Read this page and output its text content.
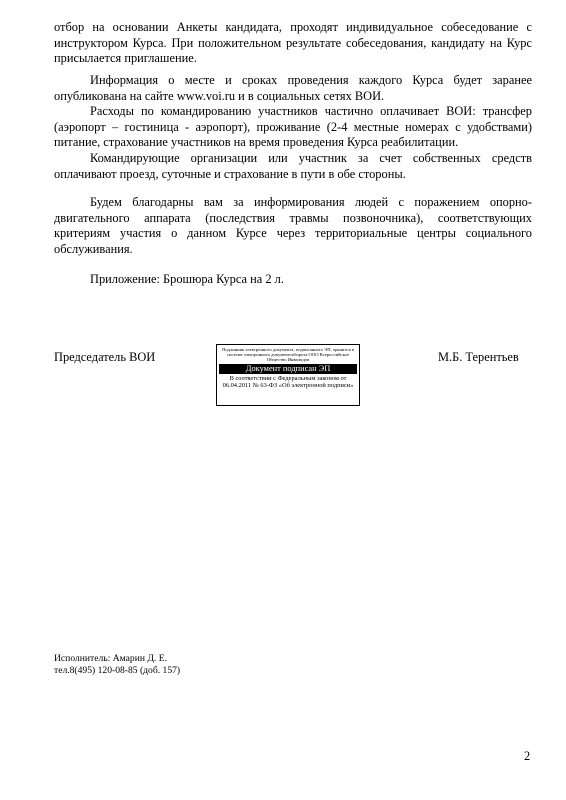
отбор на основании Анкеты кандидата, проходят индивидуальное собеседование с инструктором Курса. При положительном результате собеседования, кандидату на Курс присылается приглашение.

Информация о месте и сроках проведения каждого Курса будет заранее опубликована на сайте www.voi.ru и в социальных сетях ВОИ.

Расходы по командированию участников частично оплачивает ВОИ: трансфер (аэропорт – гостиница - аэропорт), проживание (2-4 местные номерах с удобствами) питание, страхование участников на время проведения Курса реабилитации.

Командирующие организации или участник за счет собственных средств оплачивают проезд, суточные и страхование в пути в обе стороны.

Будем благодарны вам за информирования людей с поражением опорно-двигательного аппарата (последствия травмы позвоночника), соответствующих критериям участия о данном Курсе через территориальные центры социального обслуживания.

Приложение: Брошюра Курса на 2 л.

Председатель ВОИ
Подлинник электронного документа, подписанного ЭП, хранится в системе электронного документооборота ООО Всероссийское Общество Инвалидов
Документ подписан ЭП
В соответствии с Федеральным законом от 06.04.2011 № 63-ФЗ «Об электронной подписи»
М.Б. Терентьев
Исполнитель: Амарин Д. Е.
тел.8(495) 120-08-85 (доб. 157)
2
